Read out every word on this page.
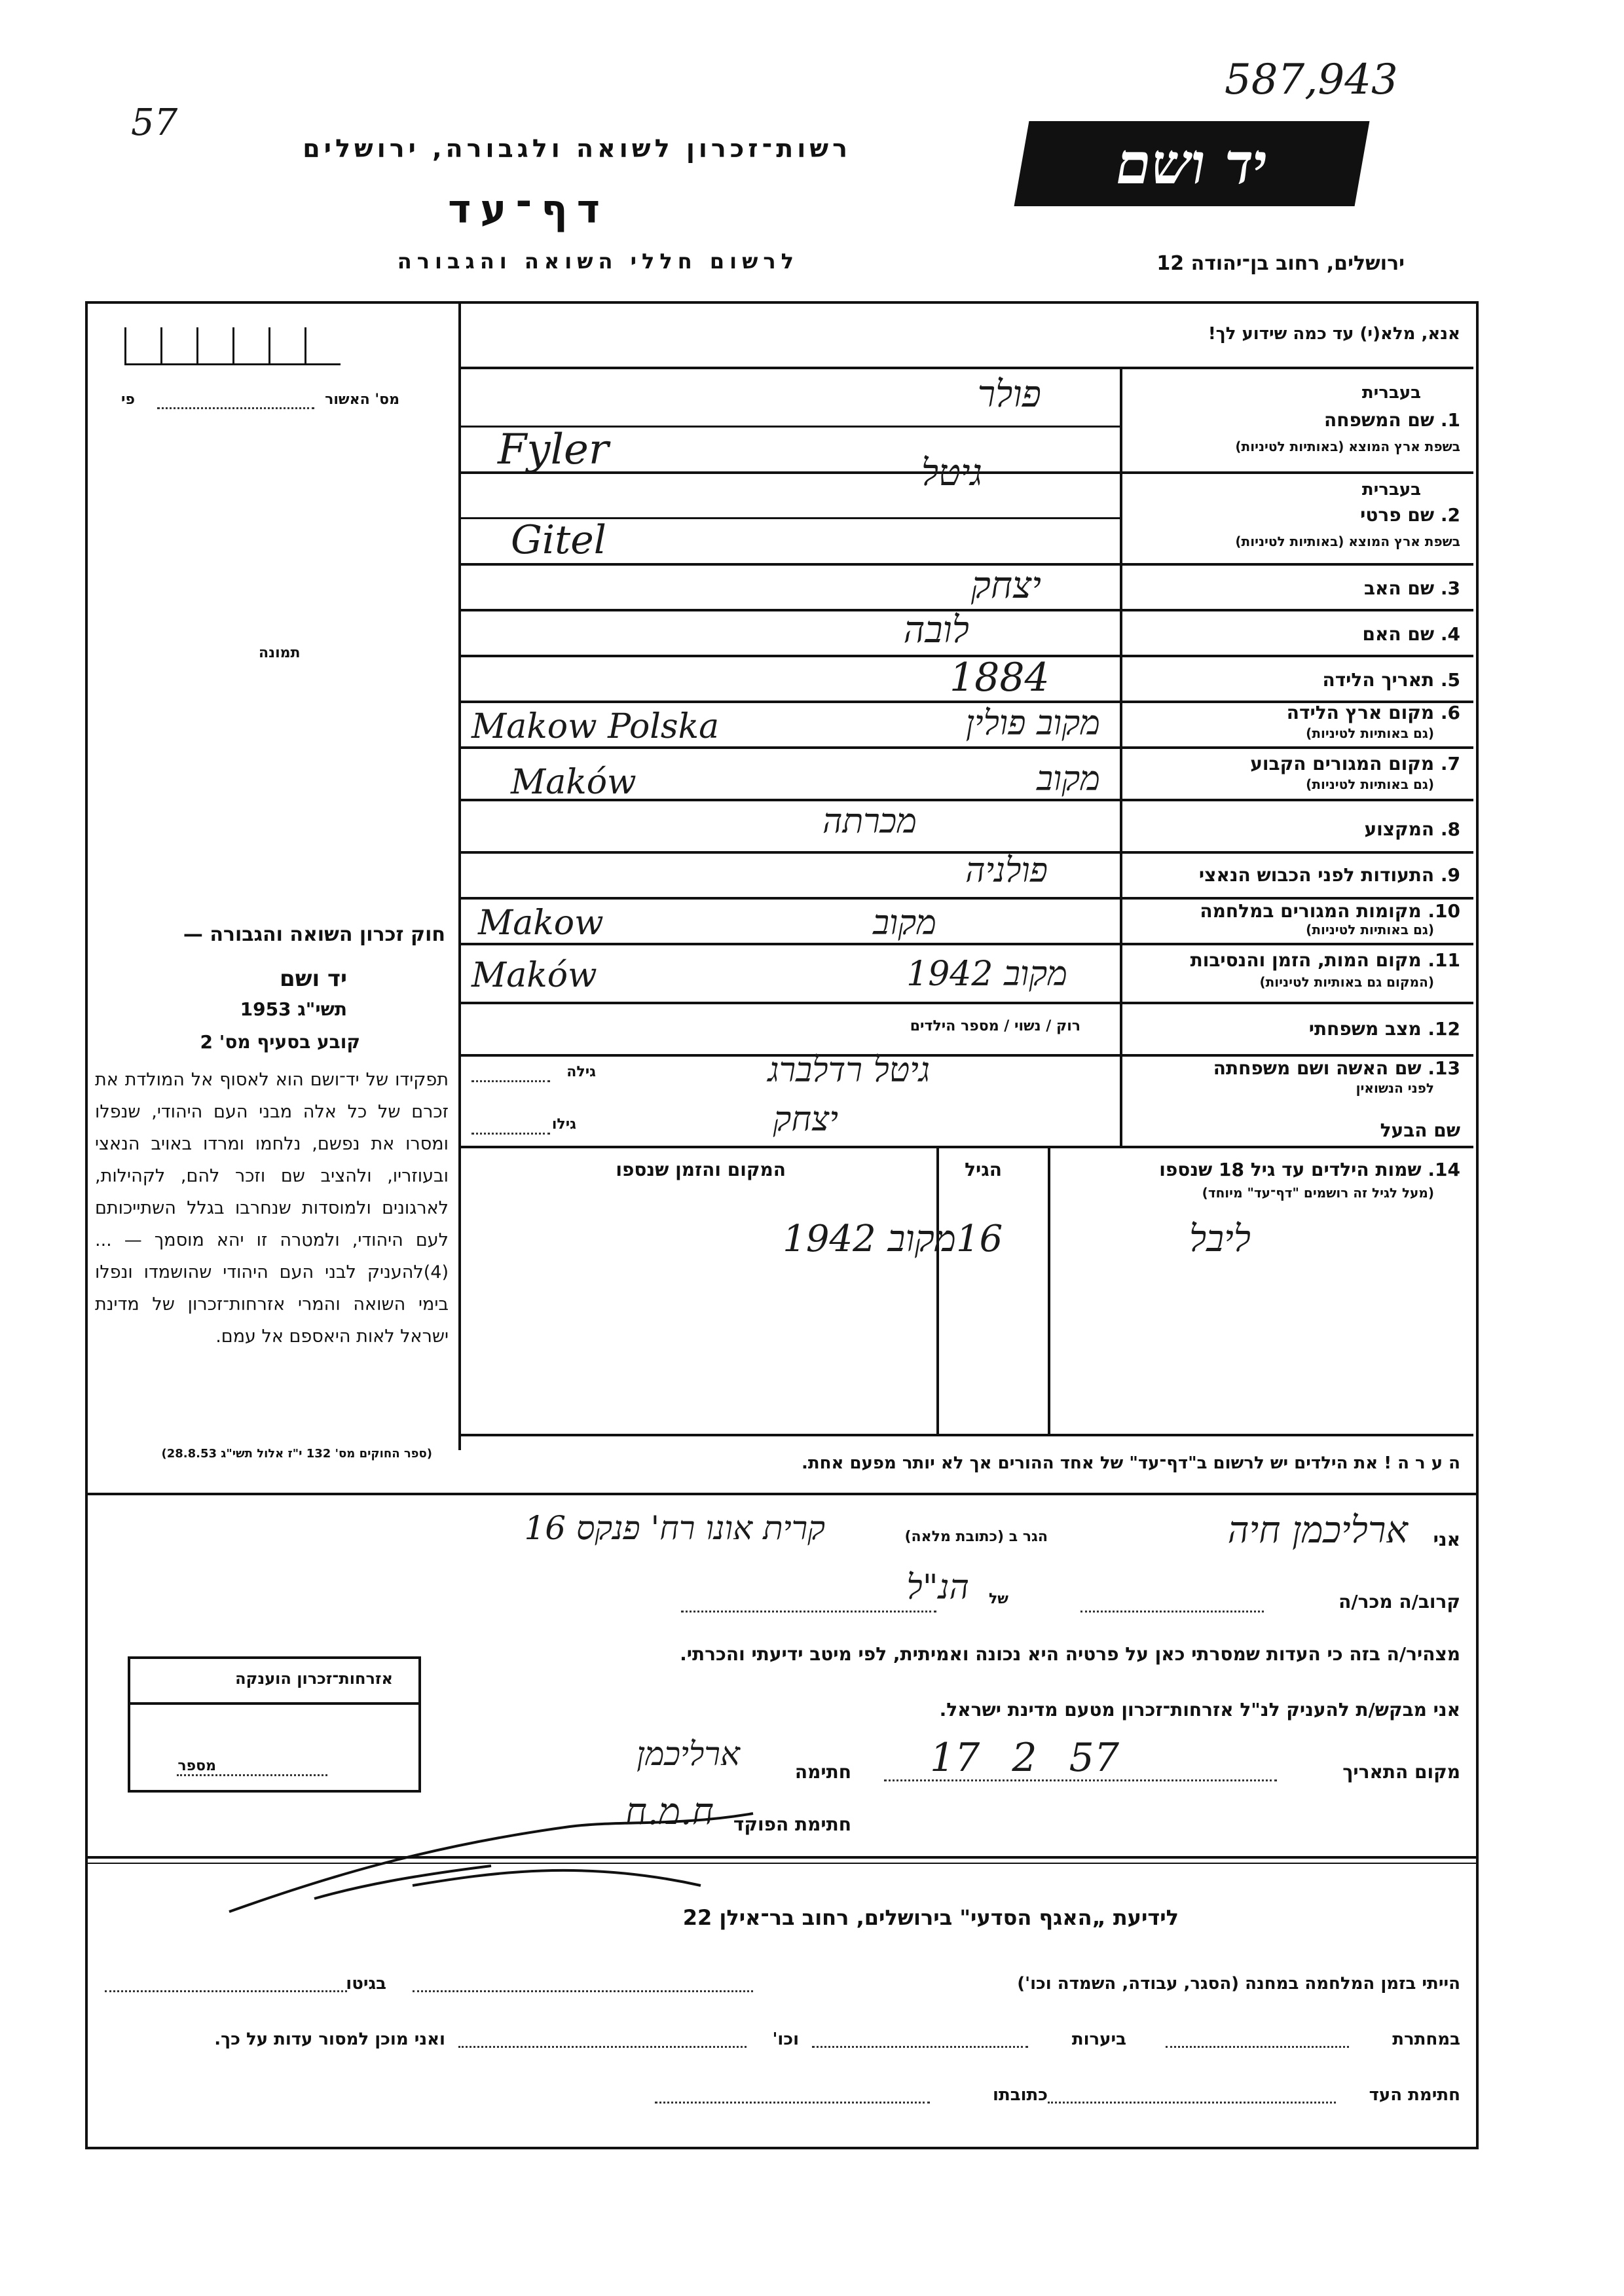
587,943
57
רשות־זכרון לשואה ולגבורה, ירושלים
דף־עד
לרשום חללי השואה והגבורה
יד ושם
ירושלים, רחוב בן־יהודה 12
אנא, מלא(י) עד כמה שידוע לך!
מס' האשור
פי
תמונה
1. שם המשפחה
בעברית
בשפת ארץ המוצא (באותיות לטיניות)
פולר
Fyler
2. שם פרטי
בעברית
בשפת ארץ המוצא (באותיות לטיניות)
גיטל
Gitel
3. שם האב
יצחק
4. שם האם
לובה
5. תאריך הלידה
1884
6. מקום ארץ הלידה
(גם באותיות לטיניות)
מקוב פולין
Makow Polska
7. מקום המגורים הקבוע
(גם באותיות לטיניות)
מקוב
Maków
8. המקצוע
מכרתה
9. התעודות לפני הכבוש הנאצי
פולניה
10. מקומות המגורים במלחמה
(גם באותיות לטיניות)
מקוב
Makow
11. מקום המות, הזמן והנסיבות
(המקום גם באותיות לטיניות)
מקוב 1942
Maków
12. מצב משפחתי
רוק / נשוי / מספר הילדים
13. שם האשה ושם משפחתה
לפני הנשואין
גילה	גיטל רדלברג
שם הבעל
גילו	יצחק
14. שמות הילדים עד גיל 18 שנספו
(מעל לגיל זה רושמים "דף־עד" מיוחד)
הגיל
המקום והזמן שנספו
ליבל
16
מקוב 1942
ה ע ר ה ! את הילדים יש לרשום ב"דף־עד" של אחד ההורים אך לא יותר מפעם אחת.
חוק זכרון השואה והגבורה —
יד ושם
תשי"ג 1953
קובע בסעיף מס' 2
תפקידו של יד־ושם הוא לאסוף אל המולדת את זכרם של כל אלה מבני העם היהודי, שנפלו ומסרו את נפשם, נלחמו ומרדו באויב הנאצי ובעוזריו, ולהציב שם וזכר להם, לקהילות, לארגונים ולמוסדות שנחרבו בגלל השתייכותם לעם היהודי, ולמטרה זו יהא מוסמך — ...(4)להעניק לבני העם היהודי שהושמדו ונפלו בימי השואה והמרי אזרחות־זכרון של מדינת ישראל לאות היאספם אל עמם.
(ספר החוקים מס' 132 י"ז אלול תשי"ג 28.8.53)
אני
ארליכמן חיה
הגר ב (כתובת מלאה)
קרית אונו רח' פנקס 16
קרוב/ה מכר/ה
של
הנ"ל
מצהיר/ה בזה כי העדות שמסרתי כאן על פרטיה היא נכונה ואמיתית, לפי מיטב ידיעתי והכרתי.
אני מבקש/ת להעניק לנ"ל אזרחות־זכרון מטעם מדינת ישראל.
מקום התאריך
17 2 57
חתימה
ארליכמן
חתימת הפוקד
ח.מ.ח
אזרחות־זכרון הוענקה
מספר
לידיעת „האגף הסדעי" בירושלים, רחוב בר־אילן 22
הייתי בזמן המלחמה במחנה (הסגר, עבודה, השמדה וכו')
בגיטו
במחתרת
ביערות
וכו'
ואני מוכן למסור עדות על כך.
חתימת העד
כתובתו
